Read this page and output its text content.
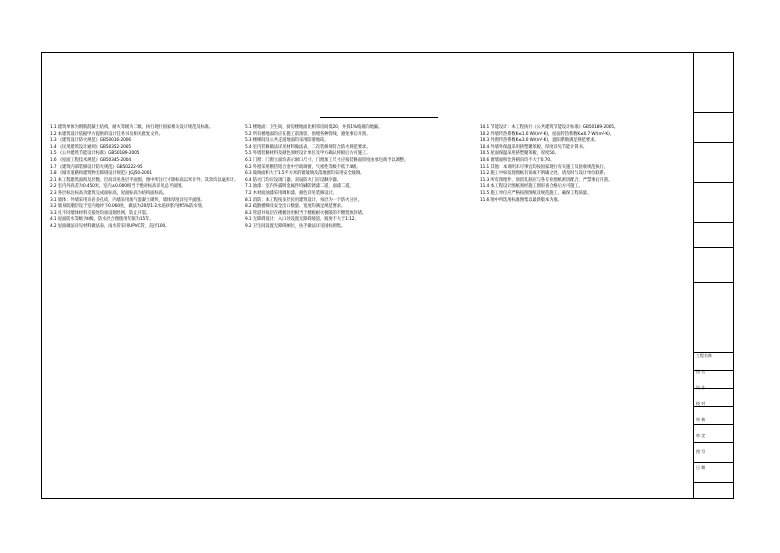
1.1 建筑单体为钢筋混凝土结构，耐火等级为二级，执行现行国家相关设计规范及标准。
1.2 本建筑设计依据甲方提供的设计任务书及相关批复文件。
1.3 《建筑设计防火规范》GB50016-2006
1.4 《民用建筑设计通则》GB50352-2005
1.5 《公共建筑节能设计标准》GB50189-2005
1.6 《屋面工程技术规范》GB50345-2004
1.7 《建筑内部装修设计防火规范》GB50222-95
1.8 《城市道路和建筑物无障碍设计规范》JGJ50-2001
2.1 本工程建筑面积及层数、层高详见各层平面图，图中所注尺寸除标高以米计外，其余均以毫米计。
2.2 室内外高差为0.450米，室内±0.000相当于绝对标高详见总平面图。
2.3 各层标注标高为建筑完成面标高，屋面标高为结构面标高。
3.1 墙体：外墙采用页岩多孔砖，内墙采用加气混凝土砌块，墙体厚度详见平面图。
3.2 墙身防潮层设于室内地坪下0.060处，做法为20厚1:2水泥砂浆内掺5%防水剂。
3.3 凡不同墙体材料交接处均加设钢丝网，防止开裂。
4.1 屋面防水等级为II级，防水层合理使用年限为15年。
4.2 屋面做法详见材料做法表，雨水管采用UPVC管，直径100。
5.1 楼地面：卫生间、厨房楼地面比相邻房间低20，并找1%坡坡向地漏。
5.2 所有楼地面均应在施工前预留、预埋各种管线，避免事后开凿。
5.3 楼梯间及公共走道地面均采用防滑地砖。
5.4 室内装修做法详见材料做法表，二次装修须符合防火规范要求。
5.5 外墙装修材料及颜色须经设计单位及甲方确认样板后方可施工。
6.1 门窗：门窗立面均表示洞口尺寸，门窗加工尺寸应按装修面厚度由承包商予以调整。
6.2 外窗采用断热铝合金中空玻璃窗，气密性等级不低于4级。
6.3 玻璃面积大于1.5平方米的窗玻璃及落地窗均采用安全玻璃。
6.4 防火门均应设闭门器，双扇防火门应设顺序器。
7.1 油漆：室内外露明金属件均刷防锈漆二道，面漆二道。
7.2 木材面油漆采用调和漆，颜色详见装修设计。
8.1 消防：本工程按多层民用建筑设计，每层为一个防火分区。
8.2 疏散楼梯及安全出口数量、宽度均满足规范要求。
8.3 管道井每层在楼板处用相当于楼板耐火极限的不燃烧体封堵。
9.1 无障碍设计：入口处设置无障碍坡道，坡度不大于1:12。
9.2 卫生间设置无障碍厕位，扶手做法详见国标图集。
10.1 节能设计：本工程执行《公共建筑节能设计标准》GB50189-2005。
10.2 外墙传热系数K≤1.0 W/(m²·K)，屋面传热系数K≤0.7 W/(m²·K)。
10.3 外窗传热系数K≤3.0 W/(m²·K)，遮阳系数满足规范要求。
10.4 外墙外保温采用挤塑聚苯板，厚度详见节能计算书。
10.5 屋面保温采用挤塑聚苯板，厚度50。
10.6 窗墙面积比各朝向均不大于0.70。
11.1 其他：本说明未尽事宜均按国家现行有关施工及验收规范执行。
11.2 施工中如发现图纸有误或不明确之处，请及时与设计单位联系。
11.3 所有预埋件、预留孔洞应与各专业图纸密切配合，严禁事后开凿。
11.4 本工程设计图纸须经施工图审查合格后方可施工。
11.5 施工单位应严格按照图纸及规范施工，确保工程质量。
11.6 图中所选用标准图集以最新版本为准。
工程名称
图 名
设 计
校 对
审 核
审 定
图 号
日 期
